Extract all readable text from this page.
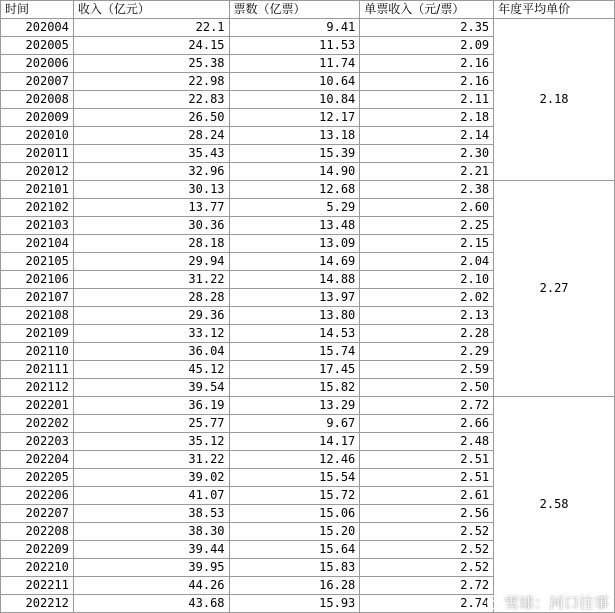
时间	收入（亿元）	票数（亿票）	单票收入（元/票）	年度平均单价
202004	22.1	9.41	2.35	2.18
202005	24.15	11.53	2.09	
202006	25.38	11.74	2.16	
202007	22.98	10.64	2.16	
202008	22.83	10.84	2.11	
202009	26.50	12.17	2.18	
202010	28.24	13.18	2.14	
202011	35.43	15.39	2.30	
202012	32.96	14.90	2.21	
202101	30.13	12.68	2.38	2.27
202102	13.77	5.29	2.60	
202103	30.36	13.48	2.25	
202104	28.18	13.09	2.15	
202105	29.94	14.69	2.04	
202106	31.22	14.88	2.10	
202107	28.28	13.97	2.02	
202108	29.36	13.80	2.13	
202109	33.12	14.53	2.28	
202110	36.04	15.74	2.29	
202111	45.12	17.45	2.59	
202112	39.54	15.82	2.50	
202201	36.19	13.29	2.72	2.58
202202	25.77	9.67	2.66	
202203	35.12	14.17	2.48	
202204	31.22	12.46	2.51	
202205	39.02	15.54	2.51	
202206	41.07	15.72	2.61	
202207	38.53	15.06	2.56	
202208	38.30	15.20	2.52	
202209	39.44	15.64	2.52	
202210	39.95	15.83	2.52	
202211	44.26	16.28	2.72	
202212	43.68	15.93	2.74	雪球：河口往事
